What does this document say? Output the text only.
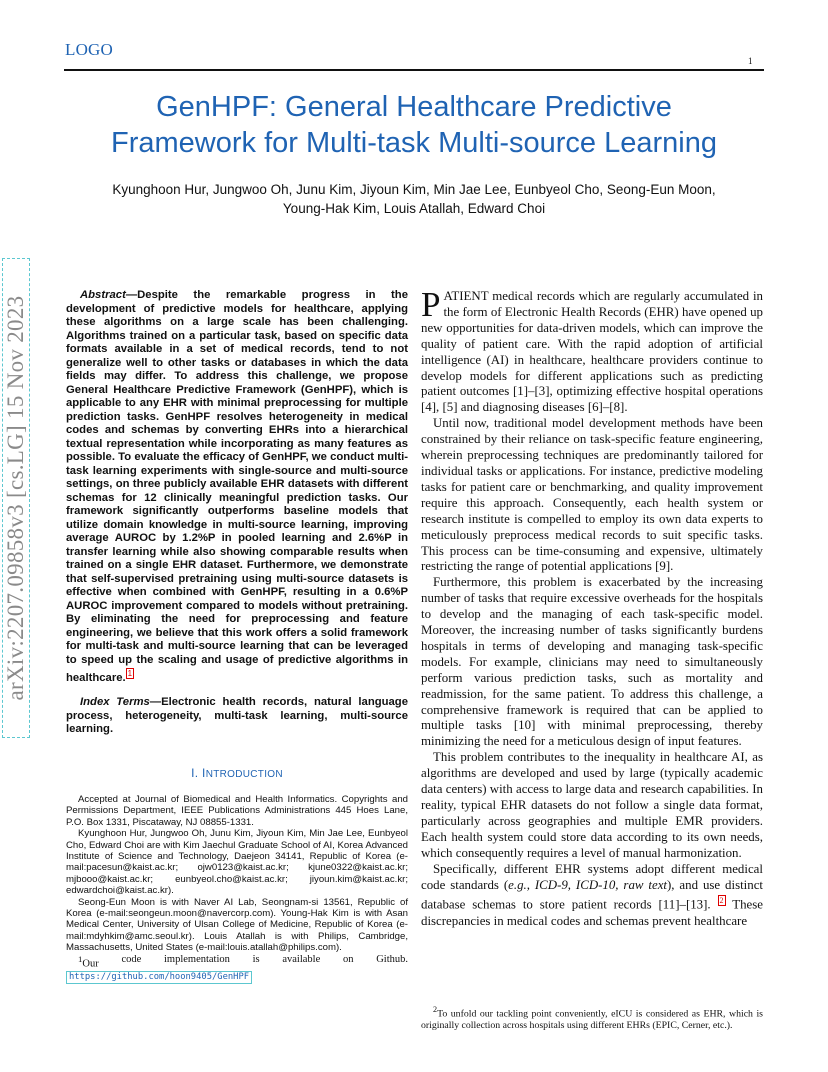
LOGO
1
GenHPF: General Healthcare Predictive
Framework for Multi-task Multi-source Learning
Kyunghoon Hur, Jungwoo Oh, Junu Kim, Jiyoun Kim, Min Jae Lee, Eunbyeol Cho, Seong-Eun Moon,
Young-Hak Kim, Louis Atallah, Edward Choi
arXiv:2207.09858v3 [cs.LG] 15 Nov 2023

Abstract—Despite the remarkable progress in the development of predictive models for healthcare, applying these algorithms on a large scale has been challenging. Algorithms trained on a particular task, based on specific data formats available in a set of medical records, tend to not generalize well to other tasks or databases in which the data fields may differ. To address this challenge, we propose General Healthcare Predictive Framework (GenHPF), which is applicable to any EHR with minimal preprocessing for multiple prediction tasks. GenHPF resolves heterogeneity in medical codes and schemas by converting EHRs into a hierarchical textual representation while incorporating as many features as possible. To evaluate the efficacy of GenHPF, we conduct multi-task learning experiments with single-source and multi-source settings, on three publicly available EHR datasets with different schemas for 12 clinically meaningful prediction tasks. Our framework significantly outperforms baseline models that utilize domain knowledge in multi-source learning, improving average AUROC by 1.2%P in pooled learning and 2.6%P in transfer learning while also showing comparable results when trained on a single EHR dataset. Furthermore, we demonstrate that self-supervised pretraining using multi-source datasets is effective when combined with GenHPF, resulting in a 0.6%P AUROC improvement compared to models without pretraining. By eliminating the need for preprocessing and feature engineering, we believe that this work offers a solid framework for multi-task and multi-source learning that can be leveraged to speed up the scaling and usage of predictive algorithms in healthcare. $^1$

Index Terms—Electronic health records, natural language process, heterogeneity, multi-task learning, multi-source learning.

I. INTRODUCTION

Accepted at Journal of Biomedical and Health Informatics. Copyrights and Permissions Department, IEEE Publications Administrations 445 Hoes Lane, P.O. Box 1331, Piscataway, NJ 08855-1331.

Kyunghoon Hur, Jungwoo Oh, Junu Kim, Jiyoun Kim, Min Jae Lee, Eunbyeol Cho, Edward Choi are with Kim Jaechul Graduate School of AI, Korea Advanced Institute of Science and Technology, Daejeon 34141, Republic of Korea (e-mail:pacesun@kaist.ac.kr; ojw0123@kaist.ac.kr; kjune0322@kaist.ac.kr; mjbooo@kaist.ac.kr; eunbyeol.cho@kaist.ac.kr; jiyoun.kim@kaist.ac.kr; edwardchoi@kaist.ac.kr).

Seong-Eun Moon is with Naver AI Lab, Seongnam-si 13561, Republic of Korea (e-mail:seongeun.moon@navercorp.com). Young-Hak Kim is with Asan Medical Center, University of Ulsan College of Medicine, Republic of Korea (e-mail:mdyhkim@amc.seoul.kr). Louis Atallah is with Philips, Cambridge, Massachusetts, United States (e-mail:louis.atallah@philips.com).

$^1$Our code implementation is available on Github.
https://github.com/hoon9405/GenHPF

PATIENT medical records which are regularly accumulated in the form of Electronic Health Records (EHR) have opened up new opportunities for data-driven models, which can improve the quality of patient care. With the rapid adoption of artificial intelligence (AI) in healthcare, healthcare providers continue to develop models for different applications such as predicting patient outcomes [1]–[3], optimizing effective hospital operations [4], [5] and diagnosing diseases [6]–[8].

Until now, traditional model development methods have been constrained by their reliance on task-specific feature engineering, wherein preprocessing techniques are predominantly tailored for individual tasks or applications. For instance, predictive modeling tasks for patient care or benchmarking, and quality improvement require this approach. Consequently, each health system or research institute is compelled to employ its own data experts to meticulously preprocess medical records to suit specific tasks. This process can be time-consuming and expensive, ultimately restricting the range of potential applications [9].

Furthermore, this problem is exacerbated by the increasing number of tasks that require excessive overheads for the hospitals to develop and the managing of each task-specific model. Moreover, the increasing number of tasks significantly burdens hospitals in terms of developing and managing task-specific models. For example, clinicians may need to simultaneously perform various prediction tasks, such as mortality and readmission, for the same patient. To address this challenge, a comprehensive framework is required that can be applied to multiple tasks [10] with minimal preprocessing, thereby minimizing the need for a meticulous design of input features.

This problem contributes to the inequality in healthcare AI, as algorithms are developed and used by large (typically academic data centers) with access to large data and research capabilities. In reality, typical EHR datasets do not follow a single data format, particularly across geographies and multiple EMR providers. Each health system could store data according to its own needs, which consequently requires a level of manual harmonization.

Specifically, different EHR systems adopt different medical code standards (e.g., ICD-9, ICD-10, raw text), and use distinct database schemas to store patient records [11]–[13]. $^2$ These discrepancies in medical codes and schemas prevent healthcare

$^2$To unfold our tackling point conveniently, eICU is considered as EHR, which is originally collection across hospitals using different EHRs (EPIC, Cerner, etc.).
